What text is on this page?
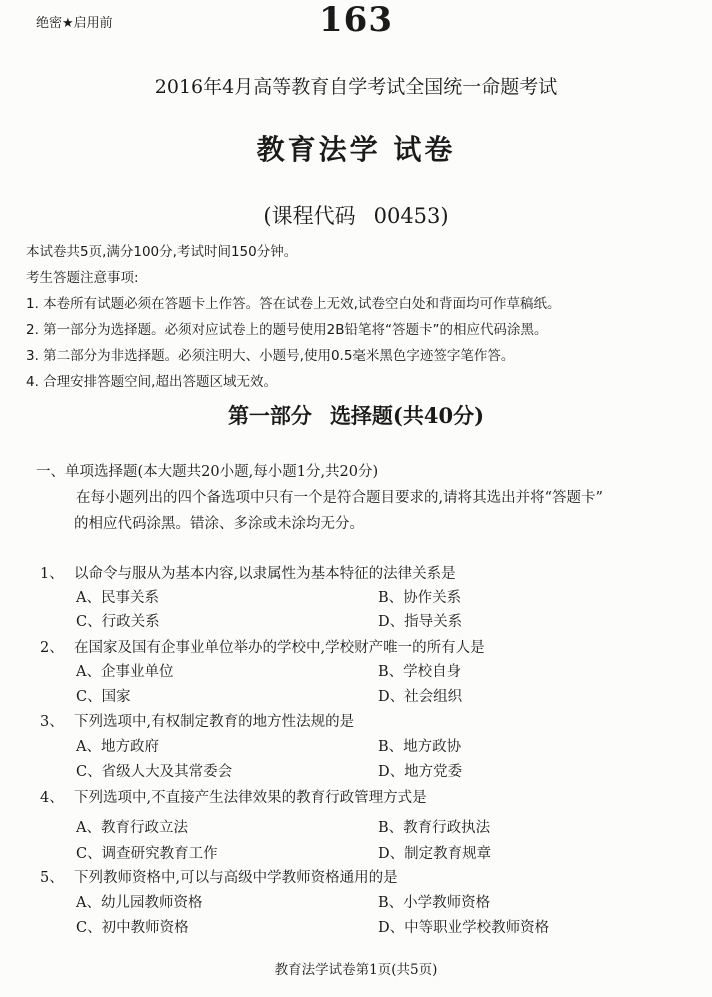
绝密★启用前	163
2016年4月高等教育自学考试全国统一命题考试
教育法学 试卷
(课程代码 00453)
本试卷共5页,满分100分,考试时间150分钟。
考生答题注意事项:
1. 本卷所有试题必须在答题卡上作答。答在试卷上无效,试卷空白处和背面均可作草稿纸。
2. 第一部分为选择题。必须对应试卷上的题号使用2B铅笔将“答题卡”的相应代码涂黑。
3. 第二部分为非选择题。必须注明大、小题号,使用0.5毫米黑色字迹签字笔作答。
4. 合理安排答题空间,超出答题区域无效。
第一部分 选择题(共40分)
一、单项选择题(本大题共20小题,每小题1分,共20分)
在每小题列出的四个备选项中只有一个是符合题目要求的,请将其选出并将“答题卡”
的相应代码涂黑。错涂、多涂或未涂均无分。
1、 以命令与服从为基本内容,以隶属性为基本特征的法律关系是
A、民事关系	B、协作关系
C、行政关系	D、指导关系
2、 在国家及国有企事业单位举办的学校中,学校财产唯一的所有人是
A、企事业单位	B、学校自身
C、国家	D、社会组织
3、 下列选项中,有权制定教育的地方性法规的是
A、地方政府	B、地方政协
C、省级人大及其常委会	D、地方党委
4、 下列选项中,不直接产生法律效果的教育行政管理方式是
A、教育行政立法	B、教育行政执法
C、调查研究教育工作	D、制定教育规章
5、 下列教师资格中,可以与高级中学教师资格通用的是
A、幼儿园教师资格	B、小学教师资格
C、初中教师资格	D、中等职业学校教师资格
教育法学试卷第1页(共5页)
